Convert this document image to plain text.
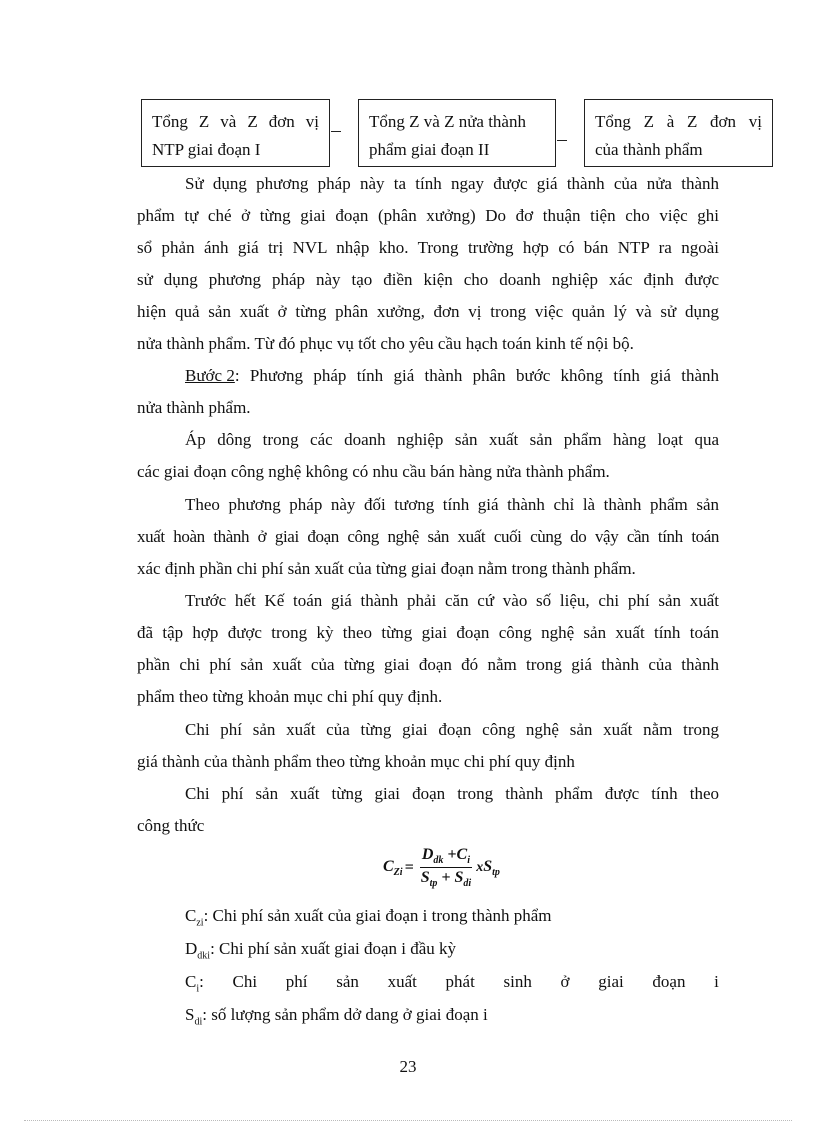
Tổng Z và Z đơn vị
NTP giai đoạn I
Tổng Z và Z nửa thành
phẩm giai đoạn II
Tổng Z à Z đơn vị
của thành phẩm
Sử dụng phương pháp này ta tính ngay được giá thành của nửa thành
phẩm tự ché ở từng giai đoạn (phân xưởng) Do đơ thuận tiện cho việc ghi
sổ phản ánh giá trị NVL nhập kho. Trong trường hợp có bán NTP ra ngoài
sử dụng phương pháp này tạo điền kiện cho doanh nghiệp xác định được
hiện quả sản xuất ở từng phân xưởng, đơn vị trong việc quản lý và sử dụng
nửa thành phẩm. Từ đó phục vụ tốt cho yêu cầu hạch toán kinh tế nội bộ.
Bước 2 : Phương pháp tính giá thành phân bước không tính giá thành
nửa thành phẩm.
Áp dông trong các doanh nghiệp sản xuất sản phẩm hàng loạt qua
các giai đoạn công nghệ không có nhu cầu bán hàng nửa thành phẩm.
Theo phương pháp này đối tương tính giá thành chỉ là thành phẩm sản
xuất hoàn thành ở giai đoạn công nghệ sản xuất cuối cùng do vậy cần tính toán
xác định phần chi phí sản xuất của từng giai đoạn nằm trong thành phẩm.
Trước hết Kế toán giá thành phải căn cứ vào số liệu, chi phí sản xuất
đã tập hợp được trong kỳ theo từng giai đoạn công nghệ sản xuất tính toán
phần chi phí sản xuất của từng giai đoạn đó nằm trong giá thành của thành
phẩm theo từng khoản mục chi phí quy định.
Chi phí sản xuất của từng giai đoạn công nghệ sản xuất nằm trong
giá thành của thành phẩm theo từng khoản mục chi phí quy định
Chi phí sản xuất từng giai đoạn trong thành phẩm được tính theo
công thức
$C_{Zi} = \frac{D_{dk} +C_i}{S_{tp} + S_{di}} xS_{tp}$
$C_{zi}$: Chi phí sản xuất của giai đoạn i trong thành phẩm
$D_{dki}$: Chi phí sản xuất giai đoạn i đầu kỳ
$C_i$: Chi phí sản xuất phát sinh ở giai đoạn i
$S_{di}$: số lượng sản phẩm dở dang ở giai đoạn i
23
